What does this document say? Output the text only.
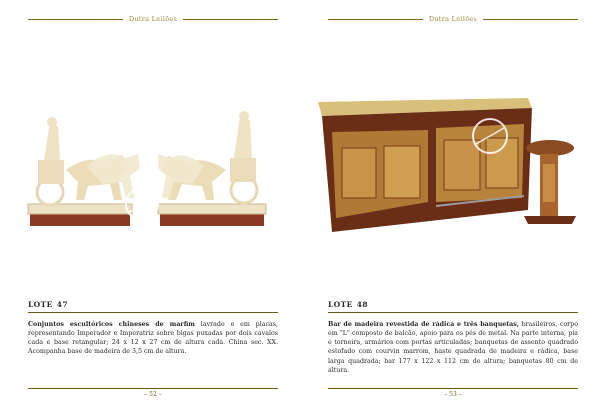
Dutra Leilões
LOTE 47
Conjuntos escultóricos chineses de marfim lavrado e em placas, representando Imperador e Imperatriz sobre bigas puxadas por dois cavalos cada e base retangular; 24 x 12 x 27 cm de altura cada. China sec. XX. Acompanha base de madeira de 3,5 cm de altura.
– 52 –
Dutra Leilões
LOTE 48
Bar de madeira revestida de rádica e três banquetas, brasileiros, corpo em "L" composto de balcão, apoio para os pés de metal. Na parte interna, pia e torneira, armários com portas articuladas; banquetas de assento quadrado estofado com courvin marrom, haste quadrada de madeira e rádica, base larga quadrada; bar 177 x 122 x 112 cm de altura; banquetas 80 cm de altura.
– 53 –
